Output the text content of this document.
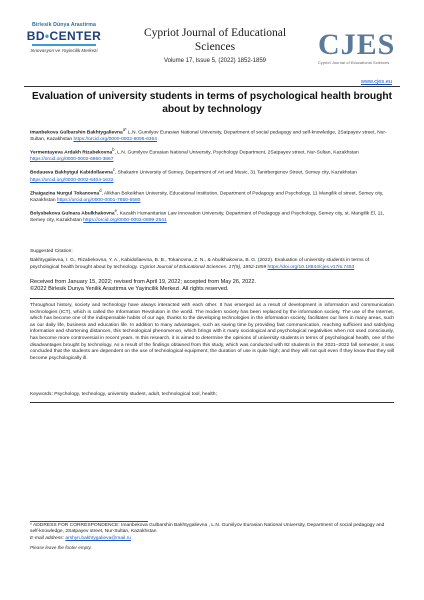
Birlesik Dünya Arastirma
BD•CENTER
Innovasyon ve Yayincilik Merkezi
Cypriot Journal of Educational Sciences
Volume 17, Issue 5, (2022) 1852-1859	CJES
Cypriot Journal of Educational Sciences
www.cjes.eu
Evaluation of university students in terms of psychological health brought about by technology
Imanbekova Gulbarshin Bakhtygalievna$^{a*}$ L.N. Gumilyov Eurasian National University, Department of social pedagogy and self-knowledge, 2Satpayev street, Nur-Sultan, Kazakhstan https://orcid.org/0000-0002-6095-6354
Yermentayeva Ardakh Rizabekovna$^b$, L.N. Gumilyov Eurasian National University, Psychology Department, 2Satpayev street, Nur-Sultan, Kazakhstan https://orcid.org/0000-0002-6860-3867
Bodaueva Bakhytgul Kabidollaevna$^c$, Shakarim University of Semey, Department of Art and Music, 31 Tanirbergenov Street, Semey city, Kazakhstan https://orcid.org/0000-0002-6404-1632
Zhaigazina Nurgul Tokanovna$^d$, Alikhan Bokeikhan University, Educational Institution, Department of Pedagogy and Psychology, 11 Mangilik el street, Semey city, Kazakhstan https://orcid.org/0000-0001-7850-5580
Bolysbekova Gulnara Abulkhakovna$^e$, Kazakh Humanitarian Law Innovation University, Department of Pedagogy and Psychology, Semey city, st. Mangilik El, 11, Semey city, Kazakhstan https://orcid.org/0000-0002-0899-2541
Suggested Citation:
Bakhtygalievna, I. G., Rizabekovna, Y. A., Kabidollaevna, B. B., Tokanovna, Z. N., & Abulkhakovna, B. G. (2022). Evaluation of university students in terms of psychological health brought about by technology. Cypriot Journal of Educational Sciences. 17(5), 1852-1859 https://doi.org/10.18844/cjes.v17i5.7453
Received from January 15, 2022; revised from April 19, 2022; accepted from May 26, 2022.
©2022 Birlesik Dunya Yenilik Arastirma ve Yayincilik Merkezi. All rights reserved.
Throughout history, society and technology have always interacted with each other. It has emerged as a result of development in information and communication technologies (ICT), which is called the Information Revolution in the world. The modern society has been replaced by the information society. The use of the Internet, which has become one of the indispensable habits of our age, thanks to the developing technologies in the information society, facilitates our lives in many areas, such as our daily life, business and education life. In addition to many advantages, such as saving time by providing fast communication, reaching sufficient and satisfying information and shortening distances, this technological phenomenon, which brings with it many sociological and psychological negativities when not used consciously, has become more controversial in recent years. In this research, it is aimed to determine the opinions of university students in terms of psychological health, one of the disadvantages brought by technology. As a result of the findings obtained from this study, which was conducted with 82 students in the 2021–2022 fall semester, it was concluded that the students are dependent on the use of technological equipment; the duration of use is quite high; and they will not quit even if they know that they will become psychologically ill.
Keywords: Psychology, technology, university student, adult, technological tool, health;
* ADDRESS FOR CORRESPONDENCE: Imanbekova Gulbarshin Bakhtygalievna , L.N. Gumilyov Eurasian National University, Department of social pedagogy and self-knowledge, 2Satpayev street, Nur-Sultan, Kazakhstan
E-mail address: arshyn.bakhtygalieva@mail.ru
Please leave the footer empty.
